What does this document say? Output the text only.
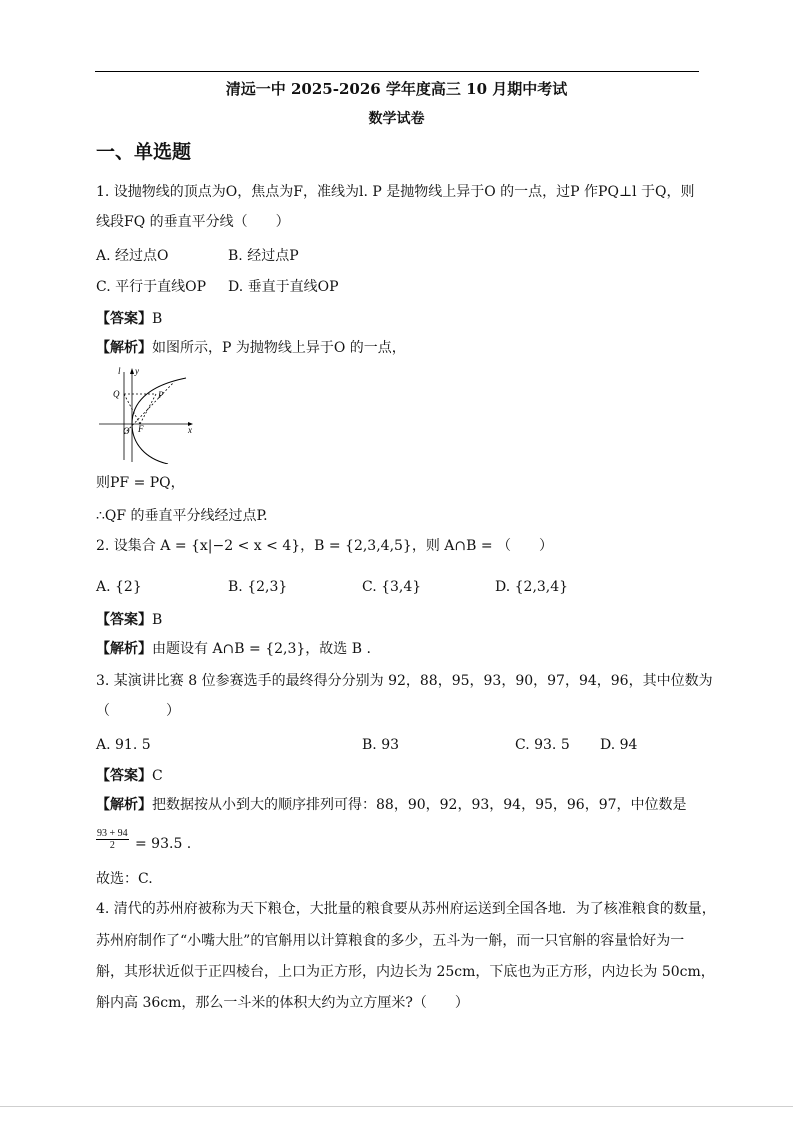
清远一中 2025-2026 学年度高三 10 月期中考试
数学试卷
一、单选题
1. 设抛物线的顶点为O，焦点为F，准线为l. P 是抛物线上异于O 的一点，过P 作PQ⊥l 于Q，则
线段FQ 的垂直平分线（　　）
A. 经过点O	B. 经过点P
C. 平行于直线OP D. 垂直于直线OP
【答案】B
【解析】如图所示，P 为抛物线上异于O 的一点，
l y
Q	P
O F	x
则PF = PQ，
∴QF 的垂直平分线经过点P.
2. 设集合 A = {x|−2 < x < 4}，B = {2,3,4,5}，则 A∩B = （　　）
A. {2}	B. {2,3}	C. {3,4}	D. {2,3,4}
【答案】B
【解析】由题设有 A∩B = {2,3}，故选 B .
3. 某演讲比赛 8 位参赛选手的最终得分分别为 92，88，95，93，90，97，94，96，其中位数为
（　　　　）
A. 91. 5	B. 93	C. 93. 5 D. 94
【答案】C
【解析】把数据按从小到大的顺序排列可得：88，90，92，93，94，95，96，97，中位数是
$\frac{93 + 94}{2} = 93.5$ .
故选：C.
4. 清代的苏州府被称为天下粮仓，大批量的粮食要从苏州府运送到全国各地．为了核准粮食的数量，
苏州府制作了“小嘴大肚”的官斛用以计算粮食的多少，五斗为一斛，而一只官斛的容量恰好为一
斛，其形状近似于正四棱台，上口为正方形，内边长为 25cm，下底也为正方形，内边长为 50cm，
斛内高 36cm，那么一斗米的体积大约为立方厘米?（　　）
